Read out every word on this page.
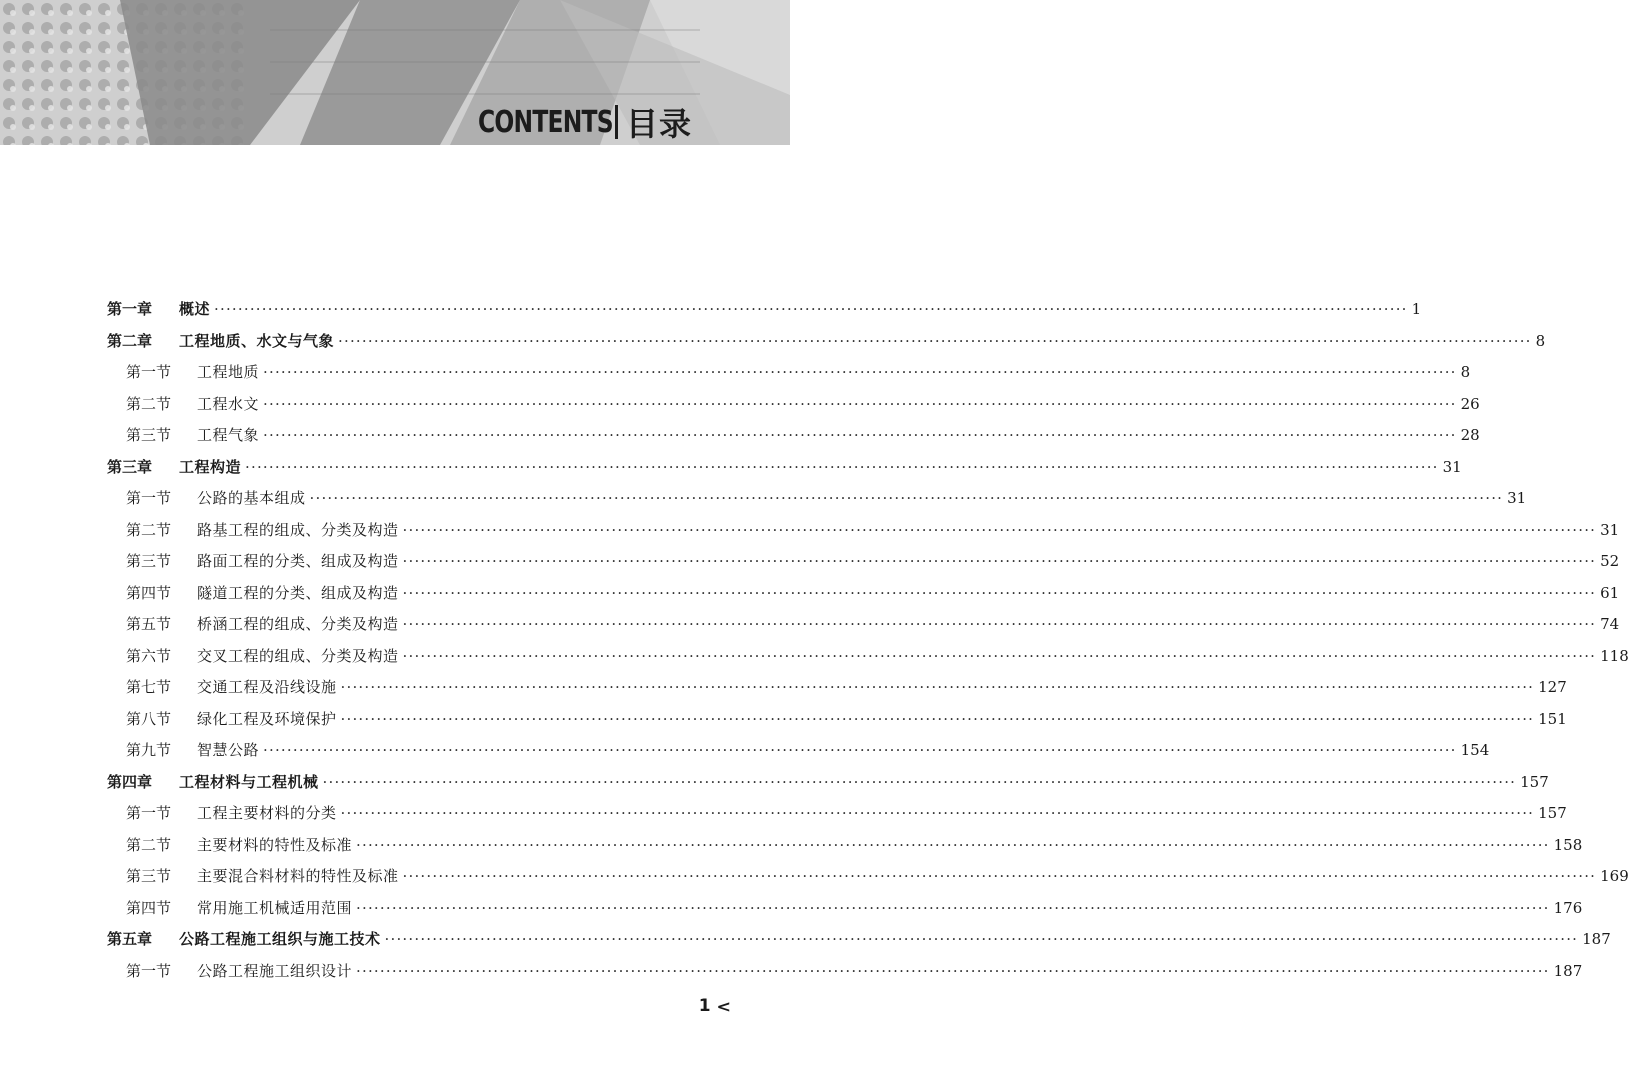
CONTENTS 目录
第一章	概述 ········································································································································································································ 1
第二章	工程地质、水文与气象 ········································································································································································································ 8
第一节	工程地质 ········································································································································································································ 8
第二节	工程水文 ········································································································································································································ 26
第三节	工程气象 ········································································································································································································ 28
第三章	工程构造 ········································································································································································································ 31
第一节	公路的基本组成 ········································································································································································································ 31
第二节	路基工程的组成、分类及构造 ········································································································································································································ 31
第三节	路面工程的分类、组成及构造 ········································································································································································································ 52
第四节	隧道工程的分类、组成及构造 ········································································································································································································ 61
第五节	桥涵工程的组成、分类及构造 ········································································································································································································ 74
第六节	交叉工程的组成、分类及构造 ········································································································································································································ 118
第七节	交通工程及沿线设施 ········································································································································································································ 127
第八节	绿化工程及环境保护 ········································································································································································································ 151
第九节	智慧公路 ········································································································································································································ 154
第四章	工程材料与工程机械 ········································································································································································································ 157
第一节	工程主要材料的分类 ········································································································································································································ 157
第二节	主要材料的特性及标准 ········································································································································································································ 158
第三节	主要混合料材料的特性及标准 ········································································································································································································ 169
第四节	常用施工机械适用范围 ········································································································································································································ 176
第五章	公路工程施工组织与施工技术 ········································································································································································································ 187
第一节	公路工程施工组织设计 ········································································································································································································ 187
1 <
